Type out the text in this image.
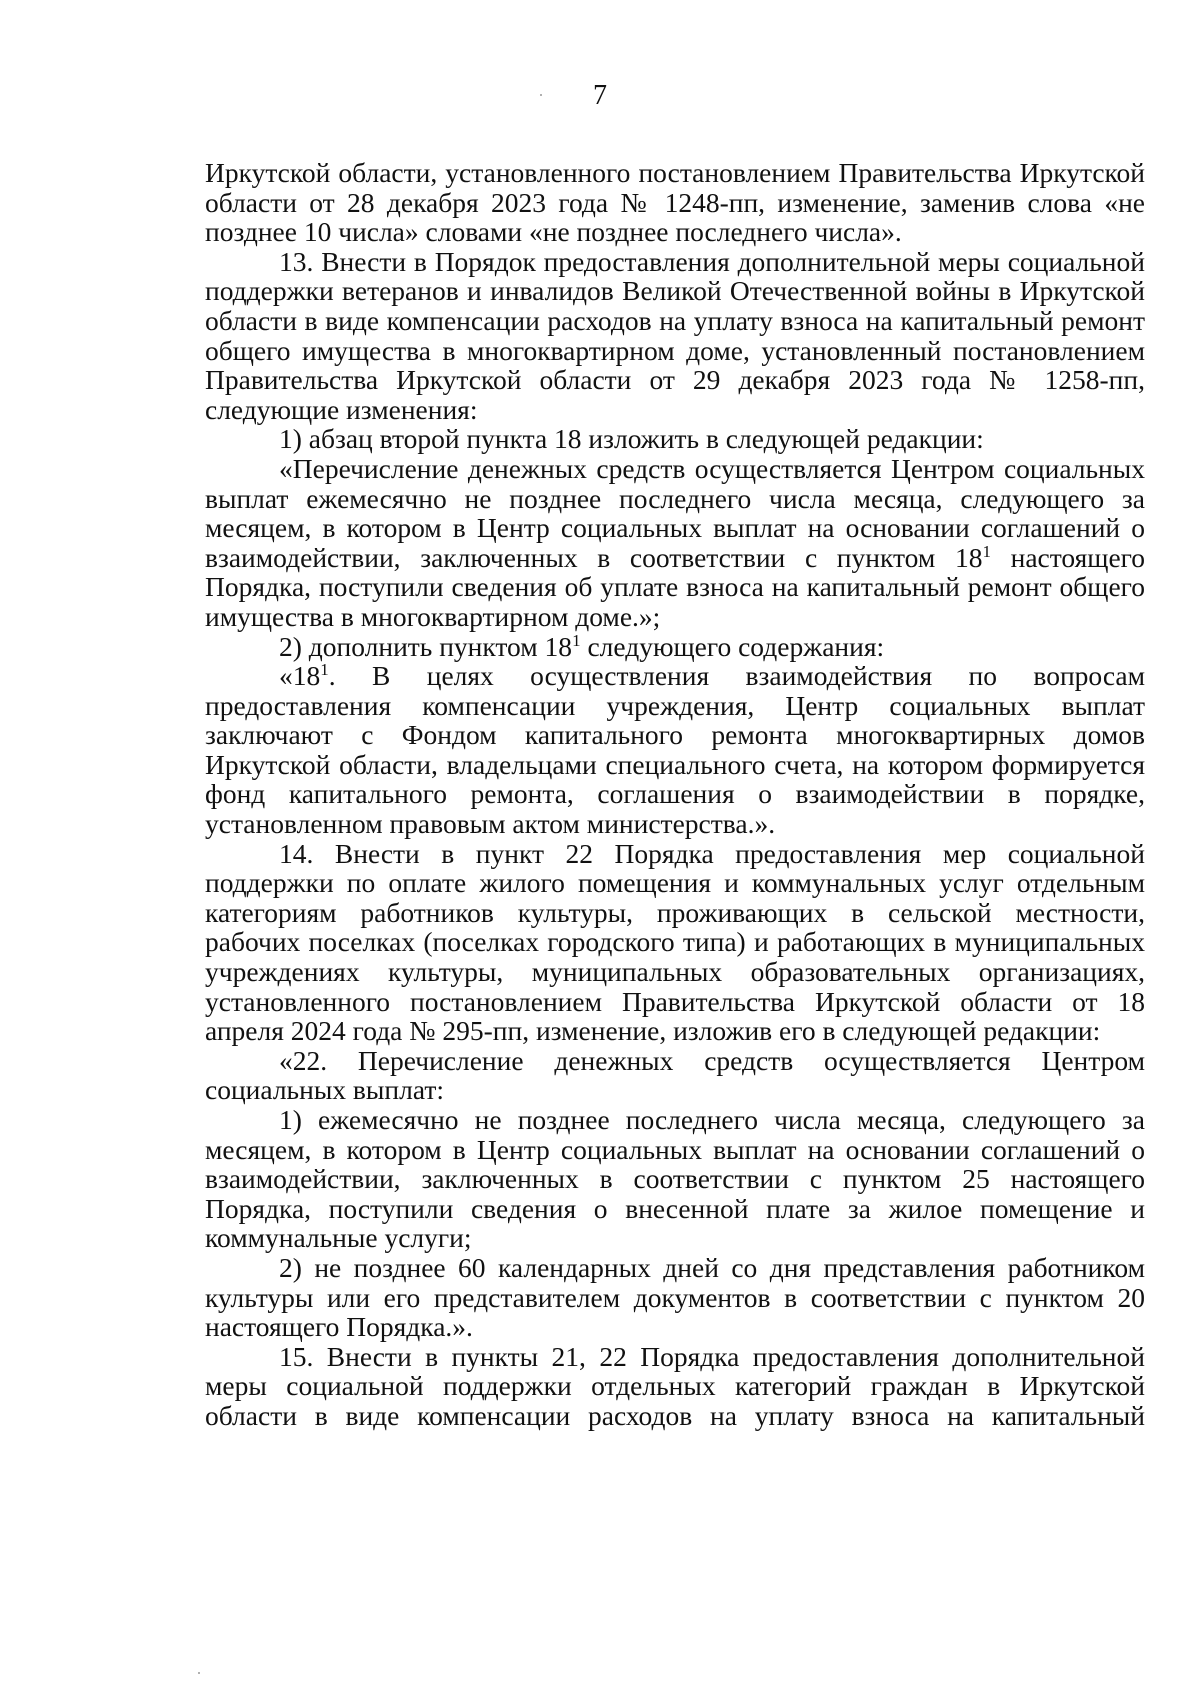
7

Иркутской области, установленного постановлением Правительства Иркутской области от 28 декабря 2023 года № 1248-пп, изменение, заменив слова «не позднее 10 числа» словами «не позднее последнего числа».

13. Внести в Порядок предоставления дополнительной меры социальной поддержки ветеранов и инвалидов Великой Отечественной войны в Иркутской области в виде компенсации расходов на уплату взноса на капитальный ремонт общего имущества в многоквартирном доме, установленный постановлением Правительства Иркутской области от 29 декабря 2023 года № 1258-пп, следующие изменения:

1) абзац второй пункта 18 изложить в следующей редакции:

«Перечисление денежных средств осуществляется Центром социальных выплат ежемесячно не позднее последнего числа месяца, следующего за месяцем, в котором в Центр социальных выплат на основании соглашений о взаимодействии, заключенных в соответствии с пунктом $18^1$ настоящего Порядка, поступили сведения об уплате взноса на капитальный ремонт общего имущества в многоквартирном доме.»;

2) дополнить пунктом $18^1$ следующего содержания:

«$18^1$. В целях осуществления взаимодействия по вопросам предоставления компенсации учреждения, Центр социальных выплат заключают с Фондом капитального ремонта многоквартирных домов Иркутской области, владельцами специального счета, на котором формируется фонд капитального ремонта, соглашения о взаимодействии в порядке, установленном правовым актом министерства.».

14. Внести в пункт 22 Порядка предоставления мер социальной поддержки по оплате жилого помещения и коммунальных услуг отдельным категориям работников культуры, проживающих в сельской местности, рабочих поселках (поселках городского типа) и работающих в муниципальных учреждениях культуры, муниципальных образовательных организациях, установленного постановлением Правительства Иркутской области от 18 апреля 2024 года № 295-пп, изменение, изложив его в следующей редакции:

«22. Перечисление денежных средств осуществляется Центром социальных выплат:

1) ежемесячно не позднее последнего числа месяца, следующего за месяцем, в котором в Центр социальных выплат на основании соглашений о взаимодействии, заключенных в соответствии с пунктом 25 настоящего Порядка, поступили сведения о внесенной плате за жилое помещение и коммунальные услуги;

2) не позднее 60 календарных дней со дня представления работником культуры или его представителем документов в соответствии с пунктом 20 настоящего Порядка.».

15. Внести в пункты 21, 22 Порядка предоставления дополнительной меры социальной поддержки отдельных категорий граждан в Иркутской области в виде компенсации расходов на уплату взноса на капитальный
